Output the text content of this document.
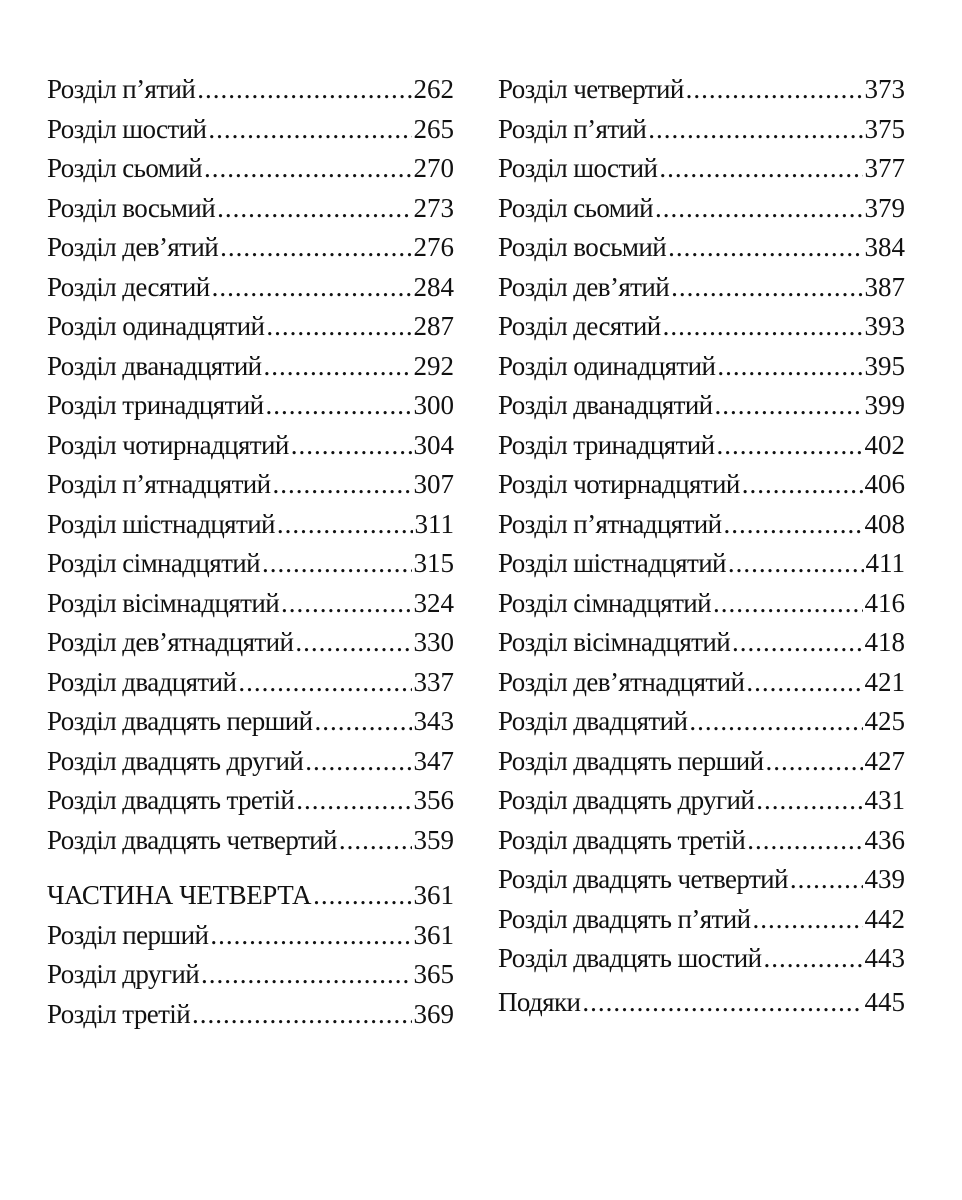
Розділ п’ятий .....	262
Розділ шостий .....	265
Розділ сьомий .....	270
Розділ восьмий .....	273
Розділ дев’ятий .....	276
Розділ десятий .....	284
Розділ одинадцятий .....	287
Розділ дванадцятий .....	292
Розділ тринадцятий .....	300
Розділ чотирнадцятий .....	304
Розділ п’ятнадцятий .....	307
Розділ шістнадцятий .....	311
Розділ сімнадцятий .....	315
Розділ вісімнадцятий .....	324
Розділ дев’ятнадцятий .....	330
Розділ двадцятий .....	337
Розділ двадцять перший .....	343
Розділ двадцять другий .....	347
Розділ двадцять третій .....	356
Розділ двадцять четвертий .....	359
ЧАСТИНА ЧЕТВЕРТА .....	361
Розділ перший .....	361
Розділ другий .....	365
Розділ третій .....	369
Розділ четвертий .....	373
Розділ п’ятий .....	375
Розділ шостий .....	377
Розділ сьомий .....	379
Розділ восьмий .....	384
Розділ дев’ятий .....	387
Розділ десятий .....	393
Розділ одинадцятий .....	395
Розділ дванадцятий .....	399
Розділ тринадцятий .....	402
Розділ чотирнадцятий .....	406
Розділ п’ятнадцятий .....	408
Розділ шістнадцятий .....	411
Розділ сімнадцятий .....	416
Розділ вісімнадцятий .....	418
Розділ дев’ятнадцятий .....	421
Розділ двадцятий .....	425
Розділ двадцять перший .....	427
Розділ двадцять другий .....	431
Розділ двадцять третій .....	436
Розділ двадцять четвертий .....	439
Розділ двадцять п’ятий .....	442
Розділ двадцять шостий .....	443
Подяки .....	445
